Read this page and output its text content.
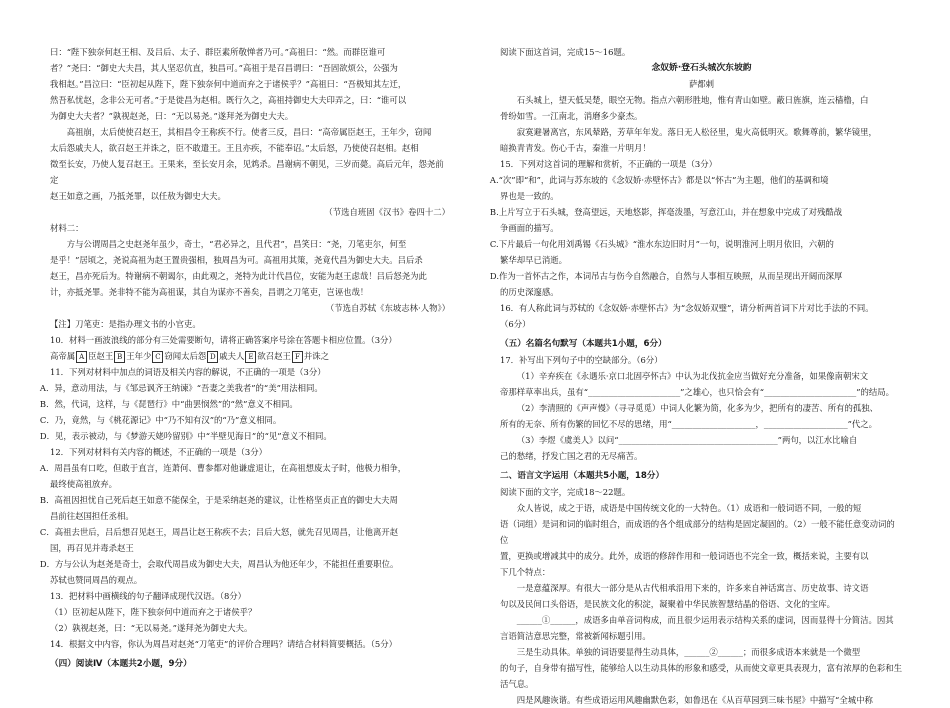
曰：“陛下独奈何赵王相、及吕后、太子、群臣素所敬惮者乃可。”高祖曰：“然。而群臣谁可

者？”尧曰：“御史大夫昌，其人坚忍伉直，独昌可。”高祖于是召昌谓曰：“吾固欲烦公，公强为

我相赵。”昌泣曰：“臣初起从陛下，陛下独奈何中道而弃之于诸侯乎？”高祖曰：“吾极知其左迁，

然吾私忧赵，念非公无可者。”于是徙昌为赵相。既行久之，高祖持御史大夫印弄之，曰：“谁可以

为御史大夫者？”孰视赵尧，曰：“无以易尧。”遂拜尧为御史大夫。

高祖崩，太后使使召赵王，其相昌令王称疾不行。使者三反，昌曰：“高帝属臣赵王，王年少，窃闻

太后怨戚夫人，欲召赵王并诛之，臣不敢遣王。王且亦疾，不能奉诏。”太后怒，乃使使召赵相。赵相

徵至长安，乃使人复召赵王。王果来，至长安月余，见鸩杀。昌谢病不朝见，三岁而薨。高后元年，怨尧前定

赵王如意之画，乃抵尧罪，以任敖为御史大夫。

（节选自班固《汉书》卷四十二）

材料二：

方与公谓周昌之史赵尧年虽少，奇士，“君必异之，且代君”，昌笑曰：“尧，刀笔吏尔，何至

是乎！”居顷之，尧说高祖为赵王置贵强相，独周昌为可。高祖用其策，尧竟代昌为御史大夫。吕后杀

赵王，昌亦死后为。特谢病不朝谒尔，由此观之，尧特为此计代昌位，安能为赵王虑哉！吕后怒尧为此

计，亦抵尧罪。尧非特不能为高祖谋，其自为谋亦不善矣，昌谓之刀笔吏，岂诬也哉！

（节选自苏轼《东坡志林·人物》）

【注】刀笔吏：是指办理文书的小官吏。

10．材料一画波浪线的部分有三处需要断句，请将正确答案序号涂在答题卡相应位置。（3分）

高帝属 A 臣赵王 B 王年少 C 窃闻太后怨 D 戚夫人 E 欲召赵王 F 并诛之

11．下列对材料中加点的词语及相关内容的解说，不正确的一项是（3分）

A．异，意动用法，与《邹忌讽齐王纳谏》“吾妻之美我者”的“美”用法相同。

B．然，代词，这样，与《琵琶行》中“曲罢悯然”的“然”意义不相同。

C．乃，竟然，与《桃花源记》中“乃不知有汉”的“乃”意义相同。

D．见，表示被动，与《梦游天姥吟留别》中“半壁见海日”的“见”意义不相同。

12．下列对材料有关内容的概述，不正确的一项是（3分）

A．周昌虽有口吃，但敢于直言，连萧何、曹参都对他谦虚退让，在高祖想废太子时，他极力相争，

最终使高祖放弃。

B．高祖因担忧自己死后赵王如意不能保全，于是采纳赵尧的建议，让性格坚贞正直的御史大夫周

昌前往赵国担任丞相。

C．高祖去世后，吕后想召见赵王，周昌让赵王称疾不去；吕后大怒，就先召见周昌，让他离开赵

国，再召见并毒杀赵王

D．方与公认为赵尧是奇士，会取代周昌成为御史大夫，周昌认为他还年少，不能担任重要职位。

苏轼也赞同周昌的观点。

13．把材料中画横线的句子翻译成现代汉语。（8分）

（1）臣初起从陛下，陛下独奈何中道而弃之于诸侯乎？

（2）孰视赵尧，曰：“无以易尧。”遂拜尧为御史大夫。

14．根据文中内容，你认为周昌对赵尧“刀笔吏”的评价合理吗？请结合材料简要概括。（5分）

（四）阅读Ⅳ（本题共2小题，9分）

阅读下面这首词，完成15～16题。

念奴娇·登石头城次东坡韵

萨都剌

石头城上，望天低吴楚，眼空无物。指点六朝形胜地，惟有青山如壁。蔽日旌旗，连云樯橹，白

骨纷如雪。一江南北，消磨多少豪杰。

寂寞避暑离宫，东风辇路，芳草年年发。落日无人松径里，鬼火高低明灭。歌舞尊前，繁华镜里，

暗换青青发。伤心千古，秦淮一片明月！

15．下列对这首词的理解和赏析，不正确的一项是（3分）

A.“次”即“和”，此词与苏东坡的《念奴娇·赤壁怀古》都是以“怀古”为主题，他们的基调和境

界也是一致的。

B.上片写立于石头城，登高望远，天地悠影，挥毫泼墨，写意江山，并在想象中完成了对残酷战

争画面的描写。

C.下片最后一句化用刘禹锡《石头城》“淮水东边旧时月”一句，说明淮河上明月依旧，六朝的

繁华却早已消逝。

D.作为一首怀古之作，本词吊古与伤今自然融合，自然与人事相互映照，从而呈现出开阔而深厚

的历史深邃感。

16．有人称此词与苏轼的《念奴娇·赤壁怀古》为“念奴娇双璧”，请分析两首词下片对比手法的不同。

（6分）

（五）名篇名句默写（本题共1小题，6分）

17．补写出下列句子中的空缺部分。（6分）

（1）辛弃疾在《永遇乐·京口北固亭怀古》中认为北伐抗金应当做好充分准备，如果像南朝宋文

帝那样草率出兵，虽有“______________________”之雄心，也只恰会有“______________________”的结局。

（2）李清照的《声声慢》（寻寻觅觅）中词人化繁为简，化多为少，把所有的凄苦、所有的孤独、

所有的无奈、所有伤繁的回忆不尽的思绪，用“____________________，____________________”代之。

（3）李煜《虞美人》以问“______________________________________”两句，以江水比喻自

己的愁绪，抒发亡国之君的无尽痛苦。

二、语言文字运用（本题共5小题，18分）

阅读下面的文字，完成18～22题。

众人皆说，成之于语，成语是中国传统文化的一大特色。（1）成语和一般词语不同，一般的短

语（词组）是词和词的临时组合，而成语的各个组成部分的结构是固定凝固的。（2）一般不能任意变动词的位

置，更换或增减其中的成分。此外，成语的修辞作用和一般词语也不完全一致，概括来说，主要有以

下几个特点：

一是意蕴深厚。有很大一部分是从古代相承沿用下来的，许多来自神话寓言、历史故事、诗文语

句以及民间口头俗语，是民族文化的积淀，凝聚着中华民族智慧结晶的俗语、文化的宝库。

______①______，成语多由单音词构成，而且很少运用表示结构关系的虚词，因而显得十分简洁。因其

言语简洁意思完整，常被新闻标题引用。

三是生动具体。单独的词语要显得生动具体，______②______；而很多成语本来就是一个微型

的句子，自身带有描写性，能够给人以生动具体的形象和感受，从而使文章更具表现力，富有浓厚的色彩和生活气息。

四是风趣诙谐。有些成语运用风趣幽默色彩，如鲁迅在《从百草园到三味书屋》中描写“全城中称
